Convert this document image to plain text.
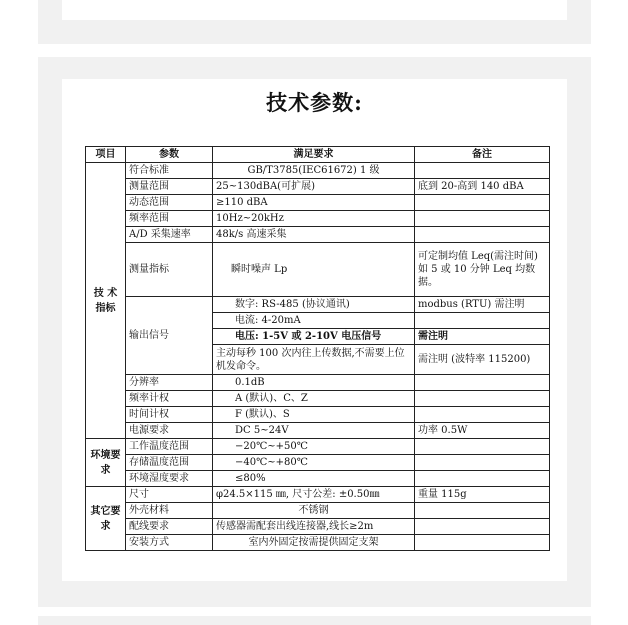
技术参数:
项目	参数	满足要求	备注
技 术 指标	符合标准	GB/T3785(IEC61672) 1 级	
	测量范围	25~130dBA(可扩展)	底到 20-高到 140 dBA
	动态范围	≥110 dBA	
	频率范围	10Hz~20kHz	
	A/D 采集速率	48k/s 高速采集	
	测量指标	瞬时噪声 Lp	可定制均值 Leq(需注时间)如 5 或 10 分钟 Leq 均数据。
	输出信号	数字: RS-485 (协议通讯)	modbus (RTU) 需注明
		电流: 4-20mA	
		电压: 1-5V 或 2-10V 电压信号	需注明
		主动每秒 100 次内往上传数据,不需要上位机发命令。	需注明 (波特率 115200)
	分辨率	0.1dB	
	频率计权	A (默认)、C、Z	
	时间计权	F (默认)、S	
	电源要求	DC 5~24V	功率 0.5W
环境要求	工作温度范围	−20℃~+50℃	
	存储温度范围	−40℃~+80℃	
	环境湿度要求	≤80%	
其它要求	尺寸	φ24.5×115 ㎜, 尺寸公差: ±0.50㎜	重量 115g
	外壳材料	不锈钢	
	配线要求	传感器需配套出线连接器,线长≥2m	
	安装方式	室内外固定按需提供固定支架	
